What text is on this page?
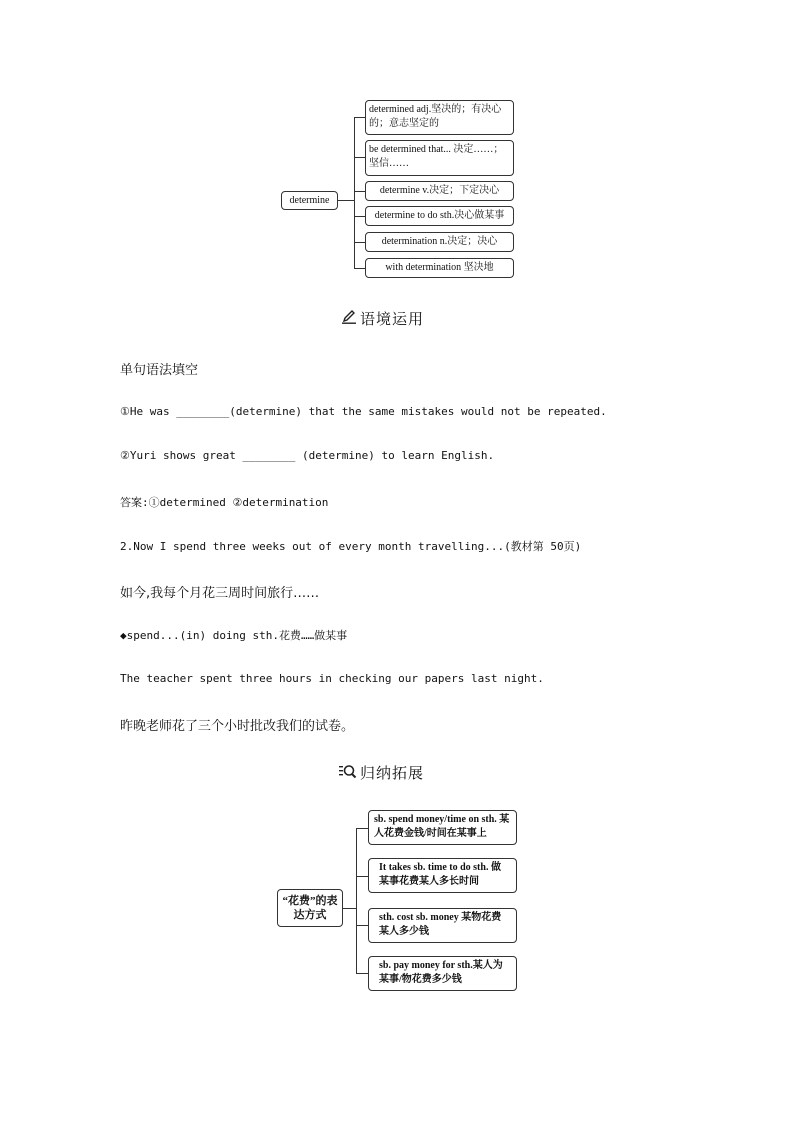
determine
determined adj.坚决的；有决心的；意志坚定的
be determined that... 决定……；坚信……
determine v.决定；下定决心
determine to do sth.决心做某事
determination n.决定；决心
with determination 坚决地
语境运用
单句语法填空
①He was ________(determine) that the same mistakes would not be repeated.
②Yuri shows great ________ (determine) to learn English.
答案:①determined ②determination
2.Now I spend three weeks out of every month travelling...(教材第 50页)
如今,我每个月花三周时间旅行……
◆spend...(in) doing sth.花费……做某事
The teacher spent three hours in checking our papers last night.
昨晚老师花了三个小时批改我们的试卷。
归纳拓展
“花费”的表达方式
sb. spend money/time on sth. 某人花费金钱/时间在某事上
It takes sb. time to do sth. 做某事花费某人多长时间
sth. cost sb. money 某物花费某人多少钱
sb. pay money for sth.某人为某事/物花费多少钱
